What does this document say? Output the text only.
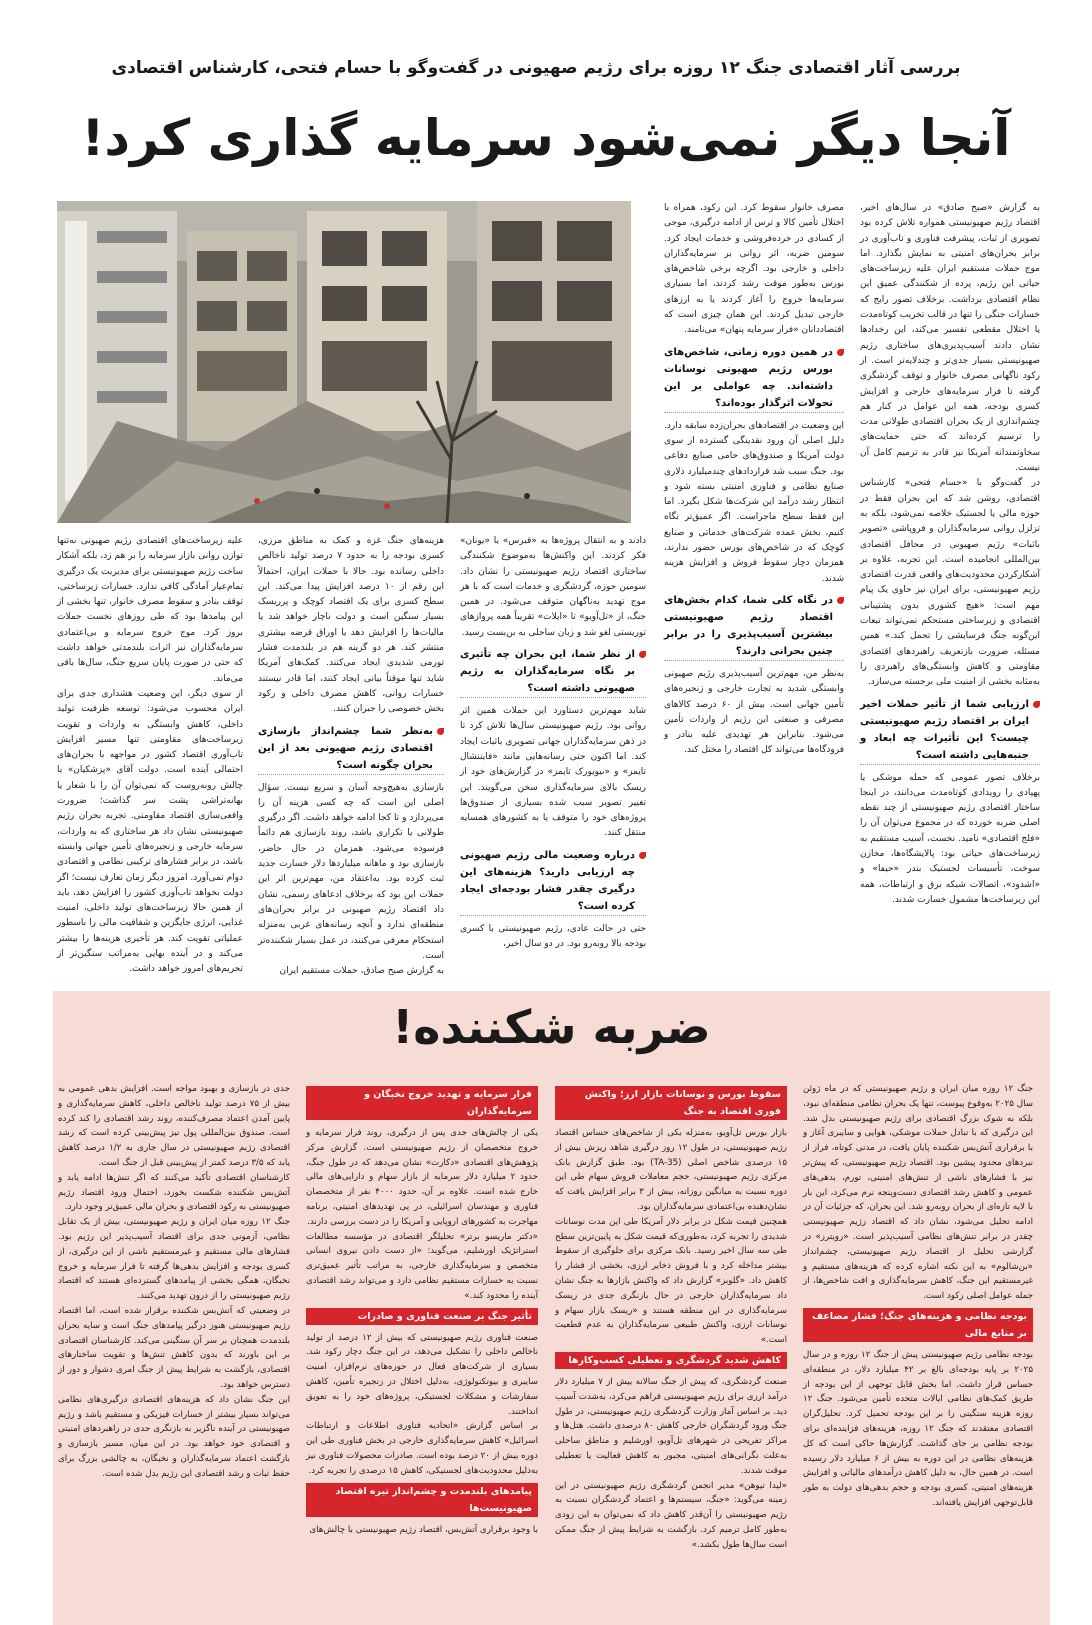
بررسی آثار اقتصادی جنگ ۱۲ روزه برای رژیم صهیونی در گفت‌وگو با حسام فتحی، کارشناس اقتصادی
آنجا دیگر نمی‌شود سرمایه گذاری کرد!

به گزارش «صبح صادق» در سال‌های اخیر، اقتصاد رژیم صهیونیستی همواره تلاش کرده بود تصویری از ثبات، پیشرفت فناوری و تاب‌آوری در برابر بحران‌های امنیتی به نمایش بگذارد. اما موج حملات مستقیم ایران علیه زیرساخت‌های حیاتی این رژیم، پرده از شکنندگی عمیق این نظام اقتصادی برداشت. برخلاف تصور رایج که خسارات جنگی را تنها در قالب تخریب کوتاه‌مدت یا اختلال مقطعی تفسیر می‌کند، این رخدادها نشان دادند آسیب‌پذیری‌های ساختاری رژیم صهیونیستی بسیار جدی‌تر و چندلایه‌تر است. از رکود ناگهانی مصرف خانوار و توقف گردشگری گرفته تا فرار سرمایه‌های خارجی و افزایش کسری بودجه، همه این عوامل در کنار هم چشم‌اندازی از یک بحران اقتصادی طولانی مدت را ترسیم کرده‌اند که حتی حمایت‌های سخاوتمندانه آمریکا نیز قادر به ترمیم کامل آن نیست.

در گفت‌وگو با «حسام فتحی» کارشناس اقتصادی، روشن شد که این بحران فقط در حوزه مالی یا لجستیک خلاصه نمی‌شود، بلکه به تزلزل روانی سرمایه‌گذاران و فروپاشی «تصویر باثبات» رژیم صهیونی در محافل اقتصادی بین‌المللی انجامیده است. این تجربه، علاوه بر آشکارکردن محدودیت‌های واقعی قدرت اقتصادی رژیم صهیونیستی، برای ایران نیز حاوی یک پیام مهم است: «هیچ کشوری بدون پشتیبانی اقتصادی و زیرساختی مستحکم نمی‌تواند تبعات این‌گونه جنگ فرسایشی را تحمل کند.» همین مسئله، ضرورت بازتعریف راهبردهای اقتصادی مقاومتی و کاهش وابستگی‌های راهبردی را به‌مثابه بخشی از امنیت ملی برجسته می‌سازد.

ارزیابی شما از تأثیر حملات اخیر ایران بر اقتصاد رژیم صهیونیستی چیست؟ این تأثیرات چه ابعاد و جنبه‌هایی داشته است؟

برخلاف تصور عمومی که حمله موشکی یا پهپادی را رویدادی کوتاه‌مدت می‌دانند، در اینجا ساختار اقتصادی رژیم صهیونیستی از چند نقطه اصلی ضربه خورده که در مجموع می‌توان آن را «فلج اقتصادی» نامید. نخست، آسیب مستقیم به زیرساخت‌های حیاتی بود: پالایشگاه‌ها، مخازن سوخت، تأسیسات لجستیک بندر «حیفا» و «اشدود»، اتصالات شبکه برق و ارتباطات، همه این زیرساخت‌ها مشمول خسارت شدند.

مصرف خانوار سقوط کرد. این رکود، همراه با اختلال تأمین کالا و ترس از ادامه درگیری، موجی از کسادی در خرده‌فروشی و خدمات ایجاد کرد. سومین ضربه، اثر روانی بر سرمایه‌گذاران داخلی و خارجی بود. اگرچه برخی شاخص‌های بورس به‌طور موقت رشد کردند، اما بسیاری سرمایه‌ها خروج را آغاز کردند یا به ارزهای خارجی تبدیل کردند. این همان چیزی است که اقتصاددانان «فرار سرمایه پنهان» می‌نامند.

در همین دوره زمانی، شاخص‌های بورس رژیم صهیونی نوسانات داشته‌اند. چه عواملی بر این تحولات اثرگذار بوده‌اند؟

این وضعیت در اقتصادهای بحران‌زده سابقه دارد. دلیل اصلی آن ورود نقدینگی گسترده از سوی دولت آمریکا و صندوق‌های حامی صنایع دفاعی بود. جنگ سبب شد قراردادهای چندمیلیارد دلاری صنایع نظامی و فناوری امنیتی بسته شود و انتظار رشد درآمد این شرکت‌ها شکل بگیرد. اما این فقط سطح ماجراست. اگر عمیق‌تر نگاه کنیم، بخش عمده شرکت‌های خدماتی و صنایع کوچک که در شاخص‌های بورس حضور ندارند، همزمان دچار سقوط فروش و افزایش هزینه شدند.

در نگاه کلی شما، کدام بخش‌های اقتصاد رژیم صهیونیستی بیشترین آسیب‌پذیری را در برابر چنین بحرانی دارند؟

به‌نظر من، مهم‌ترین آسیب‌پذیری رژیم صهیونی وابستگی شدید به تجارت خارجی و زنجیره‌های تأمین جهانی است. بیش از ۶۰ درصد کالاهای مصرفی و صنعتی این رژیم از واردات تأمین می‌شود. بنابراین هر تهدیدی علیه بنادر و فرودگاه‌ها می‌تواند کل اقتصاد را مختل کند.

دادند و به انتقال پروژه‌ها به «قبرس» یا «یونان» فکر کردند. این واکنش‌ها به‌موضوع شکنندگی ساختاری اقتصاد رژیم صهیونیستی را نشان داد. سومین حوزه، گردشگری و خدمات است که با هر موج تهدید به‌ناگهان متوقف می‌شود. در همین جنگ، از «تل‌آویو» تا «ایلات» تقریباً همه پروازهای توریستی لغو شد و زبان ساحلی به بن‌بست رسید.

از نظر شما، این بحران چه تأثیری بر نگاه سرمایه‌گذاران به رژیم صهیونی داشته است؟

شاید مهم‌ترین دستاورد این حملات همین اثر روانی بود. رژیم صهیونیستی سال‌ها تلاش کرد تا در ذهن سرمایه‌گذاران جهانی تصویری باثبات ایجاد کند. اما اکنون حتی رسانه‌هایی مانند «فایننشال تایمز» و «نیویورک تایمز» در گزارش‌های خود از ریسک بالای سرمایه‌گذاری سخن می‌گویند. این تغییر تصویر سبب شده بسیاری از صندوق‌ها پروژه‌های خود را متوقف یا به کشورهای همسایه منتقل کنند.

درباره وضعیت مالی رژیم صهیونی چه ارزیابی دارید؟ هزینه‌های این درگیری چقدر فشار بودجه‌ای ایجاد کرده است؟

حتی در حالت عادی، رژیم صهیونیستی با کسری بودجه بالا روبه‌رو بود. در دو سال اخیر،

هزینه‌های جنگ غزه و کمک به مناطق مرزی، کسری بودجه را به حدود ۷ درصد تولید ناخالص داخلی رسانده بود. حالا با حملات ایران، احتمالاً این رقم از ۱۰ درصد افزایش پیدا می‌کند. این سطح کسری برای یک اقتصاد کوچک و پرریسک بسیار سنگین است و دولت ناچار خواهد شد یا مالیات‌ها را افزایش دهد یا اوراق قرضه بیشتری منتشر کند. هر دو گزینه هم در بلندمدت فشار تورمی شدیدی ایجاد می‌کنند. کمک‌های آمریکا شاید تنها موقتاً بیانی ایجاد کنند، اما قادر نیستند خسارات روانی، کاهش مصرف داخلی و رکود بخش خصوصی را جبران کنند.

به‌نظر شما چشم‌انداز بازسازی اقتصادی رژیم صهیونی بعد از این بحران چگونه است؟

بازسازی به‌هیچ‌وجه آسان و سریع نیست. سؤال اصلی این است که چه کسی هزینه آن را می‌پردازد و تا کجا ادامه خواهد داشت. اگر درگیری طولانی یا تکراری باشد، روند بازسازی هم دائماً فرسوده می‌شود. همزمان در حال حاضر، بازسازی بود و ماهانه میلیاردها دلار خسارت جدید ثبت کرده بود. به‌اعتقاد من، مهم‌ترین اثر این حملات این بود که برخلاف ادعاهای رسمی، نشان داد اقتصاد رژیم صهیونی در برابر بحران‌های منطقه‌ای ندارد و آنچه رسانه‌های غربی به‌منزله استحکام معرفی می‌کنند، در عمل بسیار شکننده‌تر است.

به گزارش صبح صادق، حملات مستقیم ایران

علیه زیرساخت‌های اقتصادی رژیم صهیونی نه‌تنها توازن روانی بازار سرمایه را بر هم زد، بلکه آشکار ساخت رژیم صهیونیستی برای مدیریت یک درگیری تمام‌عیار آمادگی کافی ندارد. خسارات زیرساختی، توقف بنادر و سقوط مصرف خانوار، تنها بخشی از این پیامدها بود که طی روزهای نخست حملات بروز کرد. موج خروج سرمایه و بی‌اعتمادی سرمایه‌گذاران نیز اثرات بلندمدتی خواهد داشت که حتی در صورت پایان سریع جنگ، سال‌ها باقی می‌ماند.

از سوی دیگر، این وضعیت هشداری جدی برای ایران محسوب می‌شود: توسعه ظرفیت تولید داخلی، کاهش وابستگی به واردات و تقویت زیرساخت‌های مقاومتی تنها مسیر افزایش تاب‌آوری اقتصاد کشور در مواجهه با بحران‌های احتمالی آینده است. دولت آقای «پزشکیان» با چالش روبه‌روست که نمی‌توان آن را با شعار یا بهانه‌تراشی پشت سر گذاشت؛ ضرورت واقعی‌سازی اقتصاد مقاومتی. تجربه بحران رژیم صهیونیستی نشان داد هر ساختاری که به واردات، سرمایه خارجی و زنجیره‌های تأمین جهانی وابسته باشد، در برابر فشارهای ترکیبی نظامی و اقتصادی دوام نمی‌آورد. امروز دیگر زمان تعارف نیست؛ اگر دولت بخواهد تاب‌آوری کشور را افزایش دهد، باید از همین حالا زیرساخت‌های تولید داخلی، امنیت غذایی، انرژی جایگزین و شفافیت مالی را با‌سطور عملیاتی تقویت کند. هر تأخیری هزینه‌ها را بیشتر می‌کند و در آینده بهایی به‌مراتب سنگین‌تر از تحریم‌های امروز خواهد داشت.

ضربه شکننده!

جنگ ۱۲ روزه میان ایران و رژیم صهیونیستی که در ماه ژوئن سال ۲۰۲۵ به‌وقوع پیوست، تنها یک بحران نظامی منطقه‌ای نبود، بلکه به شوک بزرگ اقتصادی برای رژیم صهیونیستی بدل شد. این درگیری که با تبادل حملات موشکی، هوایی و سایبری آغاز و با برقراری آتش‌بس شکننده پایان یافت، در مدتی کوتاه، فراز از نبردهای محدود پیشین بود. اقتصاد رژیم صهیونیستی، که پیش‌تر نیز با فشارهای ناشی از تنش‌های امنیتی، تورم، بدهی‌های عمومی و کاهش رشد اقتصادی دست‌وپنجه نرم می‌کرد، این بار با لایه تازه‌ای از بحران روبه‌رو شد. این بحران، که جزئیات آن در ادامه تحلیل می‌شود، نشان داد که اقتصاد رژیم صهیونیستی چقدر در برابر تنش‌های نظامی آسیب‌پذیر است. «رویترز» در گزارشی تحلیل از اقتصاد رژیم صهیونیستی، چشم‌انداز «بن‌شالوم» به این نکته اشاره کرده که هزینه‌های مستقیم و غیرمستقیم این جنگ، کاهش سرمایه‌گذاری و افت شاخص‌ها، از جمله عوامل اصلی رکود است.

بودجه نظامی و هزینه‌های جنگ؛ فشار مضاعف بر منابع مالی

بودجه نظامی رژیم صهیونیستی پیش از جنگ ۱۲ روزه و در سال ۲۰۲۵ بر پایه بودجه‌ای بالغ بر ۴۲ میلیارد دلار، در منطقه‌ای حساس قرار داشت. اما بخش قابل توجهی از این بودجه از طریق کمک‌های نظامی ایالات متحده تأمین می‌شود. جنگ ۱۲ روزه هزینه سنگینی را بر این بودجه تحمیل کرد. تحلیل‌گران اقتصادی معتقدند که جنگ ۱۲ روزه، هزینه‌های فزاینده‌ای برای بودجه نظامی بر جای گذاشت. گزارش‌ها حاکی است که کل هزینه‌های نظامی در این دوره به بیش از ۶ میلیارد دلار رسیده است. در همین حال، به دلیل کاهش درآمدهای مالیاتی و افزایش هزینه‌های امنیتی، کسری بودجه و حجم بدهی‌های دولت به طور قابل‌توجهی افزایش یافته‌اند.

سقوط بورس و نوسانات بازار ارز؛ واکنش فوری اقتصاد به جنگ

بازار بورس تل‌آویو، به‌منزله یکی از شاخص‌های حساس اقتصاد رژیم صهیونیستی، در طول ۱۲ روز درگیری شاهد ریزش بیش از ۱۵ درصدی شاخص اصلی (TA-35) بود. طبق گزارش بانک مرکزی رژیم صهیونیستی، حجم معاملات فروش سهام طی این دوره نسبت به میانگین روزانه، بیش از ۳ برابر افزایش یافت که نشان‌دهنده بی‌اعتمادی سرمایه‌گذاران بود.

همچنین قیمت شکل در برابر دلار آمریکا طی این مدت نوسانات شدیدی را تجربه کرد، به‌طوری‌که قیمت شکل به پایین‌ترین سطح طی سه سال اخیر رسید. بانک مرکزی برای جلوگیری از سقوط بیشتر مداخله کرد و با فروش ذخایر ارزی، بخشی از فشار را کاهش داد. «گلوبز» گزارش داد که واکنش بازارها به جنگ نشان داد سرمایه‌گذاران خارجی در حال بازنگری جدی در ریسک سرمایه‌گذاری در این منطقه هستند و «ریسک بازار سهام و نوسانات ارزی، واکنش طبیعی سرمایه‌گذاران به عدم قطعیت است.»

کاهش شدید گردشگری و تعطیلی کسب‌وکارها

صنعت گردشگری، که پیش از جنگ سالانه بیش از ۷ میلیارد دلار درآمد ارزی برای رژیم صهیونیستی فراهم می‌کرد، به‌شدت آسیب دید. بر اساس آمار وزارت گردشگری رژیم صهیونیستی، در طول جنگ ورود گردشگران خارجی کاهش ۸۰ درصدی داشت. هتل‌ها و مراکز تفریحی در شهرهای تل‌آویو، اورشلیم و مناطق ساحلی به‌علت نگرانی‌های امنیتی، مجبور به کاهش فعالیت یا تعطیلی موقت شدند.

«لیدا تیوهن» مدیر انجمن گردشگری رژیم صهیونیستی در این زمینه می‌گوید: «جنگ، سیستم‌ها و اعتماد گردشگران نسبت به رژیم صهیونیستی را آن‌قدر کاهش داد که نمی‌توان به این زودی به‌طور کامل ترمیم کرد. بازگشت به شرایط پیش از جنگ ممکن است سال‌ها طول بکشد.»

فرار سرمایه و تهدید خروج نخبگان و سرمایه‌گذاران

یکی از چالش‌های جدی پس از درگیری، روند فرار سرمایه و خروج متخصصان از رژیم صهیونیستی است. گزارش مرکز پژوهش‌های اقتصادی «دکارت» نشان می‌دهد که در طول جنگ، حدود ۲ میلیارد دلار سرمایه از بازار سهام و دارایی‌های مالی خارج شده است. علاوه بر آن، حدود ۴۰۰۰ نفر از متخصصان فناوری و مهندسان اسرائیلی، در پی تهدیدهای امنیتی، برنامه مهاجرت به کشورهای اروپایی و آمریکا را در دست بررسی دارند.

«دکتر ماریسو برتر» تحلیلگر اقتصادی در مؤسسه مطالعات استراتژیک اورشلیم، می‌گوید: «از دست دادن نیروی انسانی متخصص و سرمایه‌گذاری خارجی، به مراتب تأثیر عمیق‌تری نسبت به خسارات مستقیم نظامی دارد و می‌تواند رشد اقتصادی آینده را محدود کند.»

تأثیر جنگ بر صنعت فناوری و صادرات

صنعت فناوری رژیم صهیونیستی که بیش از ۱۲ درصد از تولید ناخالص داخلی را تشکیل می‌دهد، در این جنگ دچار رکود شد. بسیاری از شرکت‌های فعال در حوزه‌های نرم‌افزار، امنیت سایبری و بیوتکنولوژی، به‌دلیل اختلال در زنجیره تأمین، کاهش سفارشات و مشکلات لجستیکی، پروژه‌های خود را به تعویق انداختند.

بر اساس گزارش «اتحادیه فناوری اطلاعات و ارتباطات اسرائیل» کاهش سرمایه‌گذاری خارجی در بخش فناوری طی این دوره بیش از ۲۰ درصد بوده است. صادرات محصولات فناوری نیز به‌دلیل محدودیت‌های لجستیکی، کاهش ۱۵ درصدی را تجربه کرد.

پیامدهای بلندمدت و چشم‌انداز تیره اقتصاد صهیونیست‌ها

با وجود برقراری آتش‌بس، اقتصاد رژیم صهیونیستی با چالش‌های

جدی در بازسازی و بهبود مواجه است. افزایش بدهی عمومی به بیش از ۷۵ درصد تولید ناخالص داخلی، کاهش سرمایه‌گذاری و پایین آمدن اعتماد مصرف‌کننده، روند رشد اقتصادی را کند کرده است. صندوق بین‌المللی پول نیز پیش‌بینی کرده است که رشد اقتصادی رژیم صهیونیستی در سال جاری به ۱/۲ درصد کاهش یابد که ۳/۵ درصد کمتر از پیش‌بینی قبل از جنگ است.

کارشناسان اقتصادی تأکید می‌کنند که اگر تنش‌ها ادامه یابد و آتش‌بس شکننده شکست بخورد، احتمال ورود اقتصاد رژیم صهیونیستی به رکود اقتصادی و بحران مالی عمیق‌تر وجود دارد.

جنگ ۱۲ روزه میان ایران و رژیم صهیونیستی، بیش از یک تقابل نظامی، آزمونی جدی برای اقتصاد آسیب‌پذیر این رژیم بود. فشارهای مالی مستقیم و غیرمستقیم ناشی از این درگیری، از کسری بودجه و افزایش بدهی‌ها گرفته تا فرار سرمایه و خروج نخبگان، همگی بخشی از پیامدهای گسترده‌ای هستند که اقتصاد رژیم صهیونیستی را از درون تهدید می‌کنند.

در وضعیتی که آتش‌بس شکننده برقرار شده است، اما اقتصاد رژیم صهیونیستی هنوز درگیر پیامدهای جنگ است و سایه بحران بلندمدت همچنان بر سر آن سنگینی می‌کند. کارشناسان اقتصادی بر این باورند که بدون کاهش تنش‌ها و تقویت ساختارهای اقتصادی، بازگشت به شرایط پیش از جنگ امری دشوار و دور از دسترس خواهد بود.

این جنگ نشان داد که هزینه‌های اقتصادی درگیری‌های نظامی می‌تواند بسیار بیشتر از خسارات فیزیکی و مستقیم باشد و رژیم صهیونیستی در آینده ناگزیر به بازنگری جدی در راهبردهای امنیتی و اقتصادی خود خواهد بود. در این میان، مسیر بازسازی و بازگشت اعتماد سرمایه‌گذاران و نخبگان، به چالشی بزرگ برای حفظ ثبات و رشد اقتصادی این رژیم بدل شده است.
